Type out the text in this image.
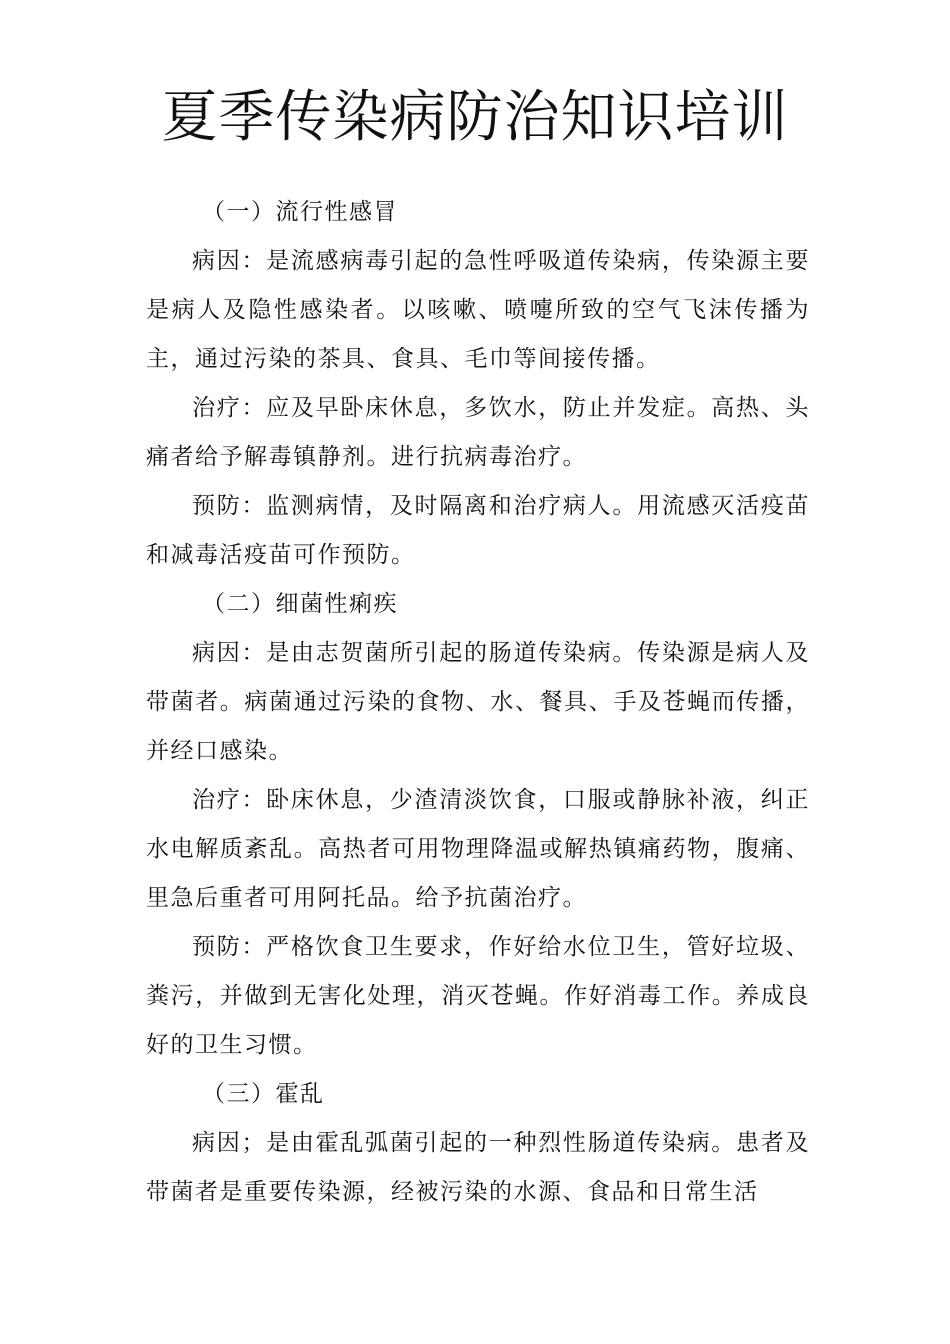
夏季传染病防治知识培训

（一）流行性感冒

病因：是流感病毒引起的急性呼吸道传染病，传染源主要是病人及隐性感染者。以咳嗽、喷嚏所致的空气飞沫传播为主，通过污染的茶具、食具、毛巾等间接传播。

治疗：应及早卧床休息，多饮水，防止并发症。高热、头痛者给予解毒镇静剂。进行抗病毒治疗。

预防：监测病情，及时隔离和治疗病人。用流感灭活疫苗和减毒活疫苗可作预防。

（二）细菌性痢疾

病因：是由志贺菌所引起的肠道传染病。传染源是病人及带菌者。病菌通过污染的食物、水、餐具、手及苍蝇而传播，并经口感染。

治疗：卧床休息，少渣清淡饮食，口服或静脉补液，纠正水电解质紊乱。高热者可用物理降温或解热镇痛药物，腹痛、里急后重者可用阿托品。给予抗菌治疗。

预防：严格饮食卫生要求，作好给水位卫生，管好垃圾、粪污，并做到无害化处理，消灭苍蝇。作好消毒工作。养成良好的卫生习惯。

（三）霍乱

病因；是由霍乱弧菌引起的一种烈性肠道传染病。患者及带菌者是重要传染源，经被污染的水源、食品和日常生活
